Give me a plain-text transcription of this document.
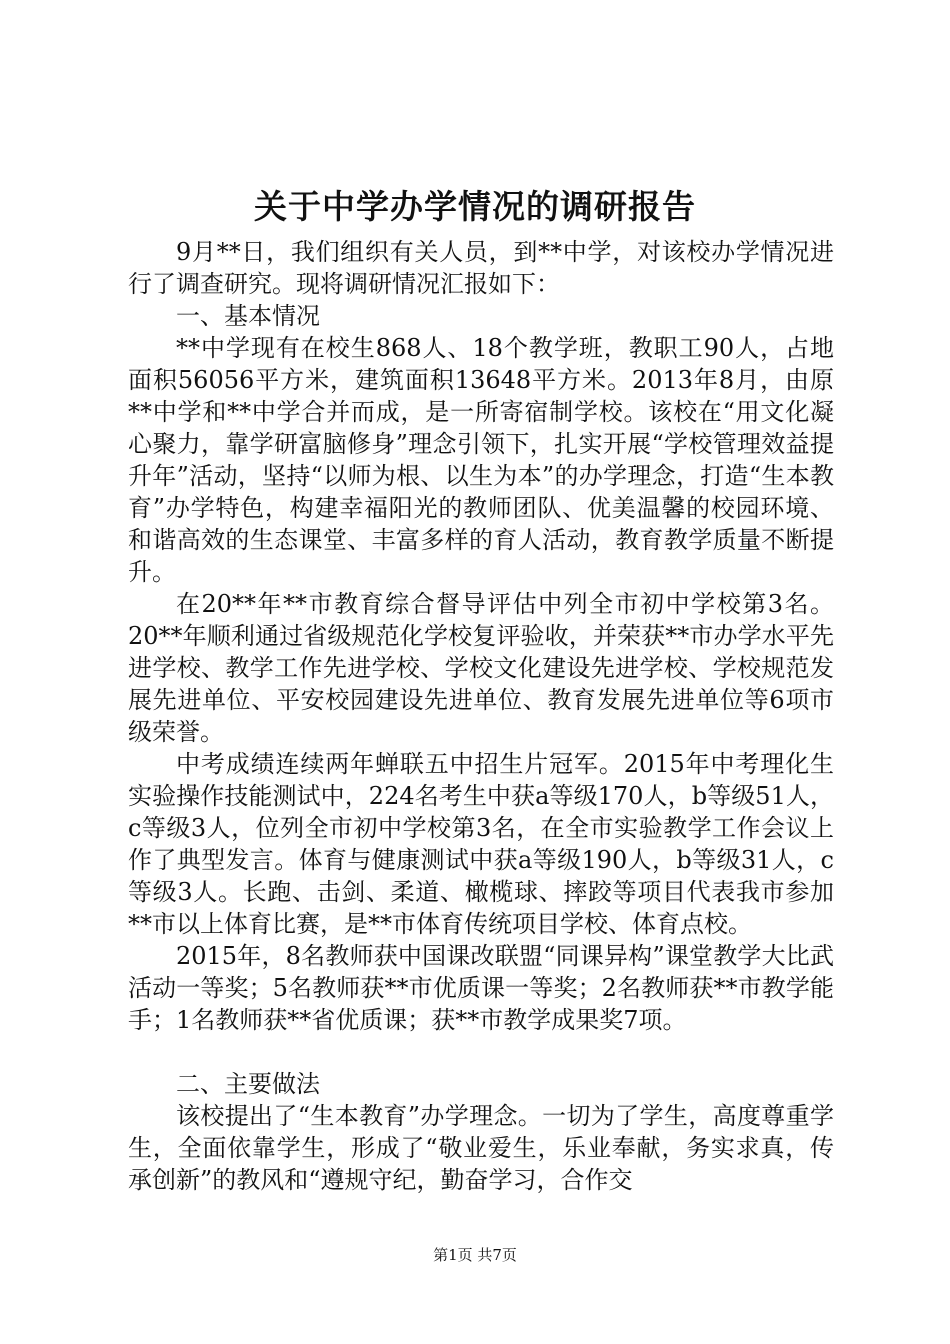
关于中学办学情况的调研报告

9月**日，我们组织有关人员，到**中学，对该校办学情况进行了调查研究。现将调研情况汇报如下：

一、基本情况

**中学现有在校生868人、18个教学班，教职工90人，占地面积56056平方米，建筑面积13648平方米。2013年8月，由原**中学和**中学合并而成，是一所寄宿制学校。该校在“用文化凝心聚力，靠学研富脑修身”理念引领下，扎实开展“学校管理效益提升年”活动，坚持“以师为根、以生为本”的办学理念，打造“生本教育”办学特色，构建幸福阳光的教师团队、优美温馨的校园环境、和谐高效的生态课堂、丰富多样的育人活动，教育教学质量不断提升。

在20**年**市教育综合督导评估中列全市初中学校第3名。20**年顺利通过省级规范化学校复评验收，并荣获**市办学水平先进学校、教学工作先进学校、学校文化建设先进学校、学校规范发展先进单位、平安校园建设先进单位、教育发展先进单位等6项市级荣誉。

中考成绩连续两年蝉联五中招生片冠军。2015年中考理化生实验操作技能测试中，224名考生中获a等级170人，b等级51人，c等级3人，位列全市初中学校第3名，在全市实验教学工作会议上作了典型发言。体育与健康测试中获a等级190人，b等级31人，c等级3人。长跑、击剑、柔道、橄榄球、摔跤等项目代表我市参加**市以上体育比赛，是**市体育传统项目学校、体育点校。

2015年，8名教师获中国课改联盟“同课异构”课堂教学大比武活动一等奖；5名教师获**市优质课一等奖；2名教师获**市教学能手；1名教师获**省优质课；获**市教学成果奖7项。

二、主要做法

该校提出了“生本教育”办学理念。一切为了学生，高度尊重学生，全面依靠学生，形成了“敬业爱生，乐业奉献，务实求真，传承创新”的教风和“遵规守纪，勤奋学习，合作交

第1页 共7页
